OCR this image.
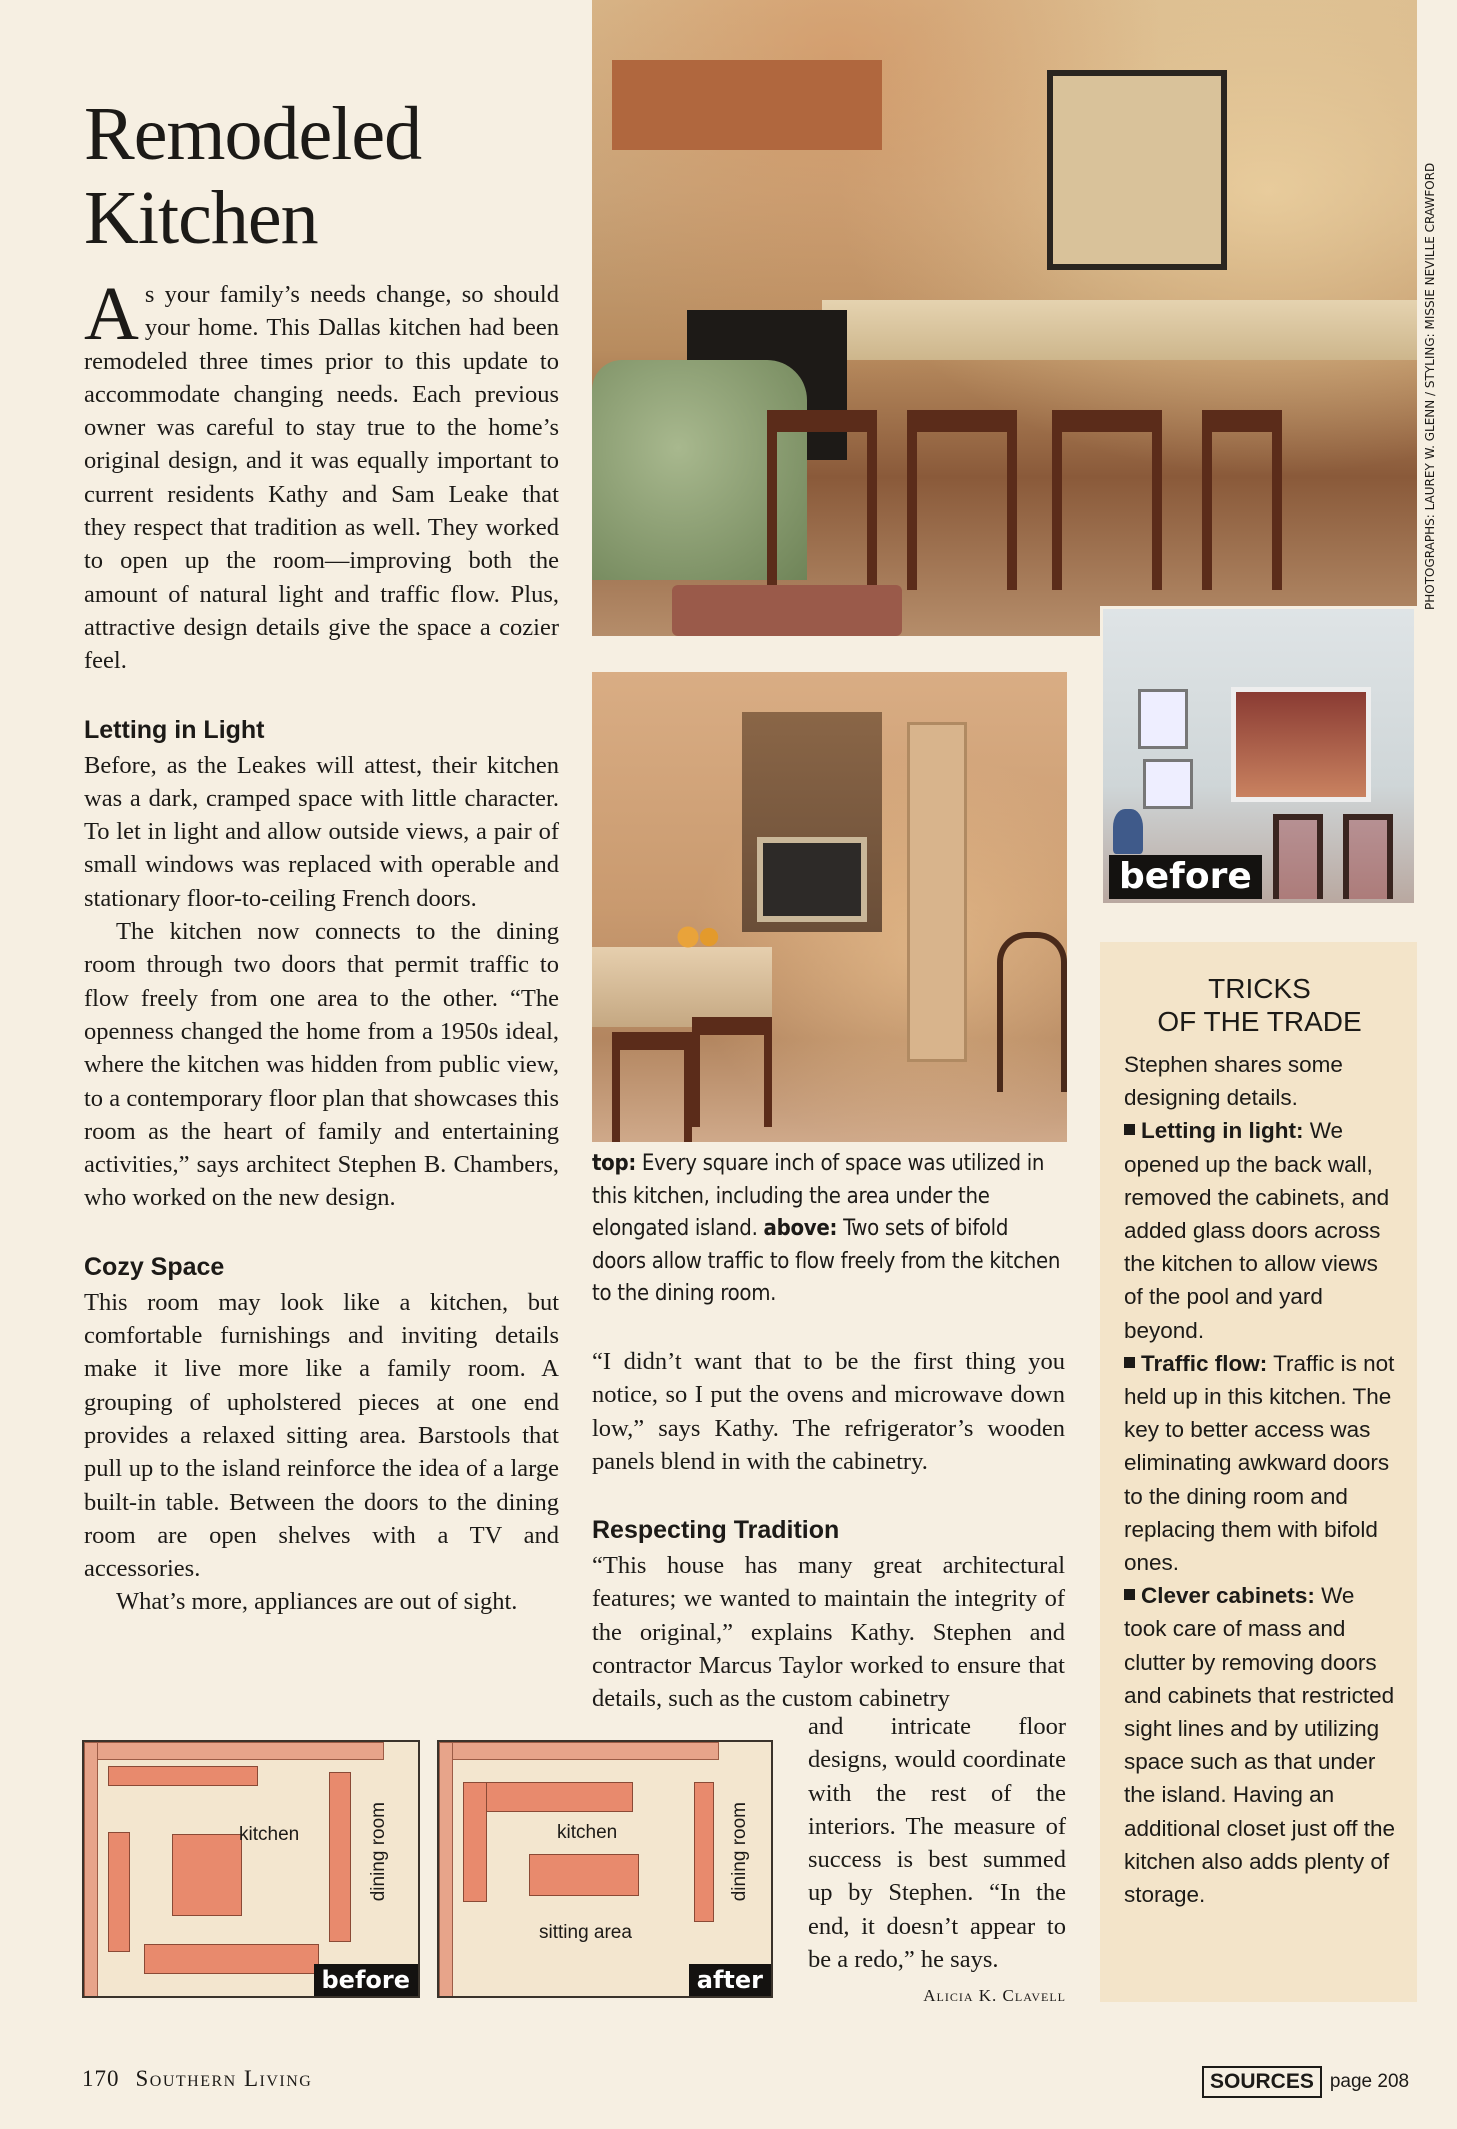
Remodeled
Kitchen

As your family’s needs change, so should your home. This Dallas kitchen had been remodeled three times prior to this update to accommodate changing needs. Each previous owner was careful to stay true to the home’s original design, and it was equally important to current residents Kathy and Sam Leake that they respect that tradition as well. They worked to open up the room—improving both the amount of natural light and traffic flow. Plus, attractive design details give the space a cozier feel.

Letting in Light

Before, as the Leakes will attest, their kitchen was a dark, cramped space with little character. To let in light and allow outside views, a pair of small windows was replaced with operable and stationary floor-to-ceiling French doors.

The kitchen now connects to the dining room through two doors that permit traffic to flow freely from one area to the other. “The openness changed the home from a 1950s ideal, where the kitchen was hidden from public view, to a contemporary floor plan that showcases this room as the heart of family and entertaining activities,” says architect Stephen B. Chambers, who worked on the new design.

Cozy Space

This room may look like a kitchen, but comfortable furnishings and inviting details make it live more like a family room. A grouping of upholstered pieces at one end provides a relaxed sitting area. Barstools that pull up to the island reinforce the idea of a large built-in table. Between the doors to the dining room are open shelves with a TV and accessories.

What’s more, appliances are out of sight.

PHOTOGRAPHS: LAUREY W. GLENN / STYLING: MISSIE NEVILLE CRAWFORD
before
top: Every square inch of space was utilized in this kitchen, including the area under the elongated island. above: Two sets of bifold doors allow traffic to flow freely from the kitchen to the dining room.

“I didn’t want that to be the first thing you notice, so I put the ovens and microwave down low,” says Kathy. The refrigerator’s wooden panels blend in with the cabinetry.

Respecting Tradition

“This house has many great architectural features; we wanted to maintain the integrity of the original,” explains Kathy. Stephen and contractor Marcus Taylor worked to ensure that details, such as the custom cabinetry

and intricate floor designs, would coordinate with the rest of the interiors. The measure of success is best summed up by Stephen. “In the end, it doesn’t appear to be a redo,” he says.

Alicia K. Clavell
TRICKS
OF THE TRADE

Stephen shares some designing details.

Letting in light: We opened up the back wall, removed the cabinets, and added glass doors across the kitchen to allow views of the pool and yard beyond.

Traffic flow: Traffic is not held up in this kitchen. The key to better access was eliminating awkward doors to the dining room and replacing them with bifold ones.

Clever cabinets: We took care of mass and clutter by removing doors and cabinets that restricted sight lines and by utilizing space such as that under the island. Having an additional closet just off the kitchen also adds plenty of storage.

kitchen	dining room
before
kitchen
sitting area
dining room
after
170 Southern Living	SOURCES page 208
